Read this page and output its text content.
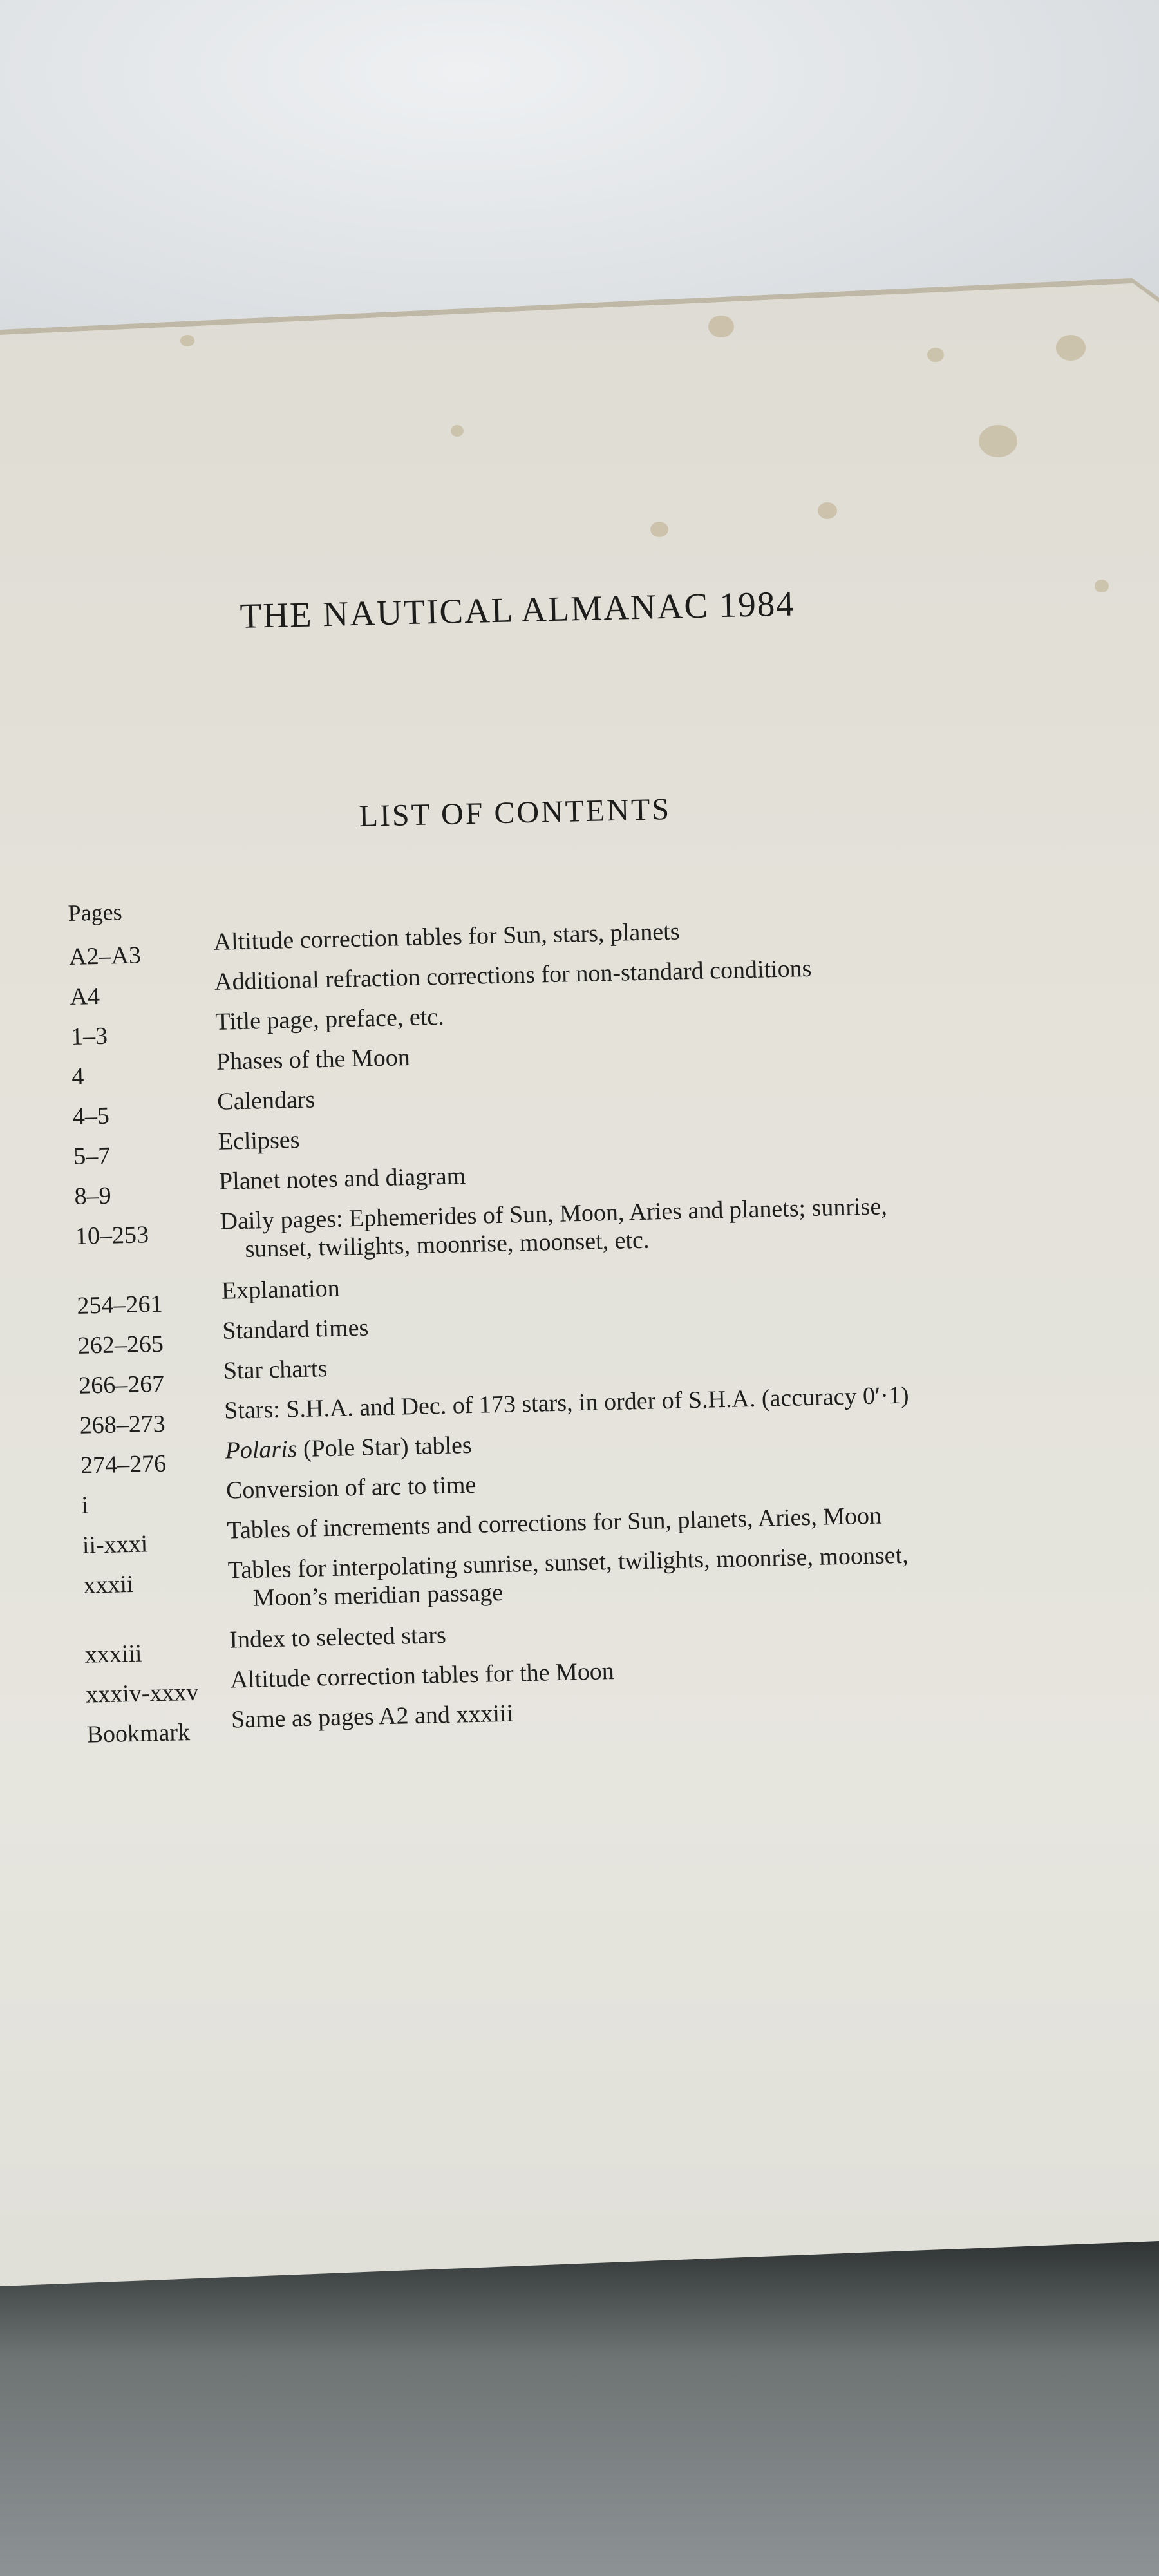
THE NAUTICAL ALMANAC 1984
LIST OF CONTENTS
Pages
A2–A3
Altitude correction tables for Sun, stars, planets
A4
Additional refraction corrections for non-standard conditions
1–3
Title page, preface, etc.
4
Phases of the Moon
4–5
Calendars
5–7
Eclipses
8–9
Planet notes and diagram
10–253
Daily pages: Ephemerides of Sun, Moon, Aries and planets; sunrise,
sunset, twilights, moonrise, moonset, etc.
254–261
Explanation
262–265
Standard times
266–267
Star charts
268–273
Stars: S.H.A. and Dec. of 173 stars, in order of S.H.A. (accuracy 0′·1)
274–276
Polaris (Pole Star) tables
i
Conversion of arc to time
ii-xxxi
Tables of increments and corrections for Sun, planets, Aries, Moon
xxxii
Tables for interpolating sunrise, sunset, twilights, moonrise, moonset,
Moon’s meridian passage
xxxiii
Index to selected stars
xxxiv-xxxv
Altitude correction tables for the Moon
Bookmark
Same as pages A2 and xxxiii
